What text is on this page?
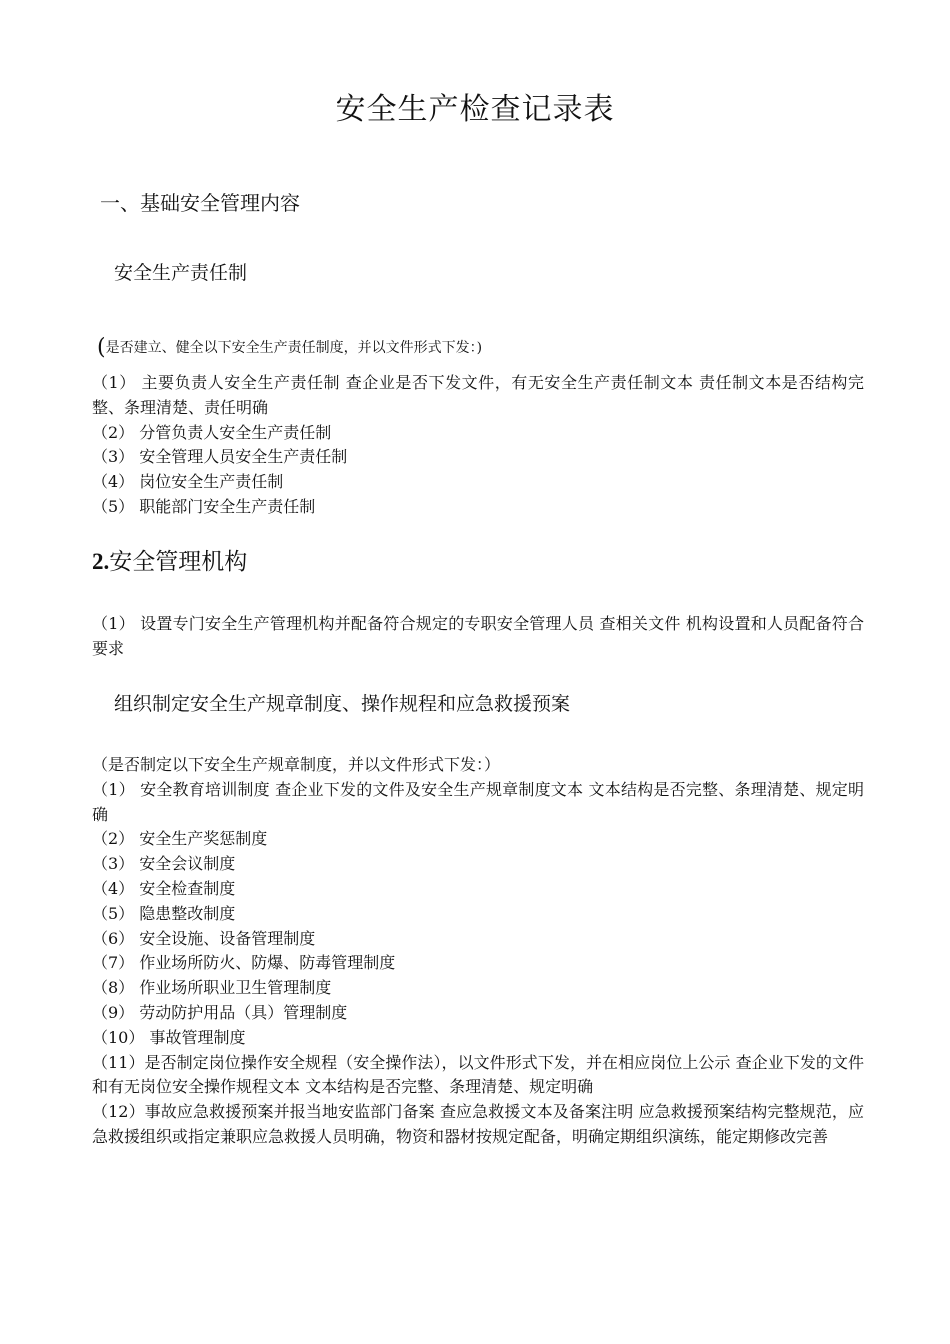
安全生产检查记录表
一、基础安全管理内容
安全生产责任制
(是否建立、健全以下安全生产责任制度，并以文件形式下发：)
（1） 主要负责人安全生产责任制 查企业是否下发文件，有无安全生产责任制文本 责任制文本是否结构完整、条理清楚、责任明确
（2） 分管负责人安全生产责任制
（3） 安全管理人员安全生产责任制
（4） 岗位安全生产责任制
（5） 职能部门安全生产责任制
2.安全管理机构
（1） 设置专门安全生产管理机构并配备符合规定的专职安全管理人员 查相关文件 机构设置和人员配备符合要求
组织制定安全生产规章制度、操作规程和应急救援预案
（是否制定以下安全生产规章制度，并以文件形式下发：）
（1） 安全教育培训制度 查企业下发的文件及安全生产规章制度文本 文本结构是否完整、条理清楚、规定明确
（2） 安全生产奖惩制度
（3） 安全会议制度
（4） 安全检查制度
（5） 隐患整改制度
（6） 安全设施、设备管理制度
（7） 作业场所防火、防爆、防毒管理制度
（8） 作业场所职业卫生管理制度
（9） 劳动防护用品（具）管理制度
（10） 事故管理制度
（11）是否制定岗位操作安全规程（安全操作法），以文件形式下发，并在相应岗位上公示 查企业下发的文件和有无岗位安全操作规程文本 文本结构是否完整、条理清楚、规定明确
（12）事故应急救援预案并报当地安监部门备案 查应急救援文本及备案注明 应急救援预案结构完整规范，应急救援组织或指定兼职应急救援人员明确，物资和器材按规定配备，明确定期组织演练，能定期修改完善
